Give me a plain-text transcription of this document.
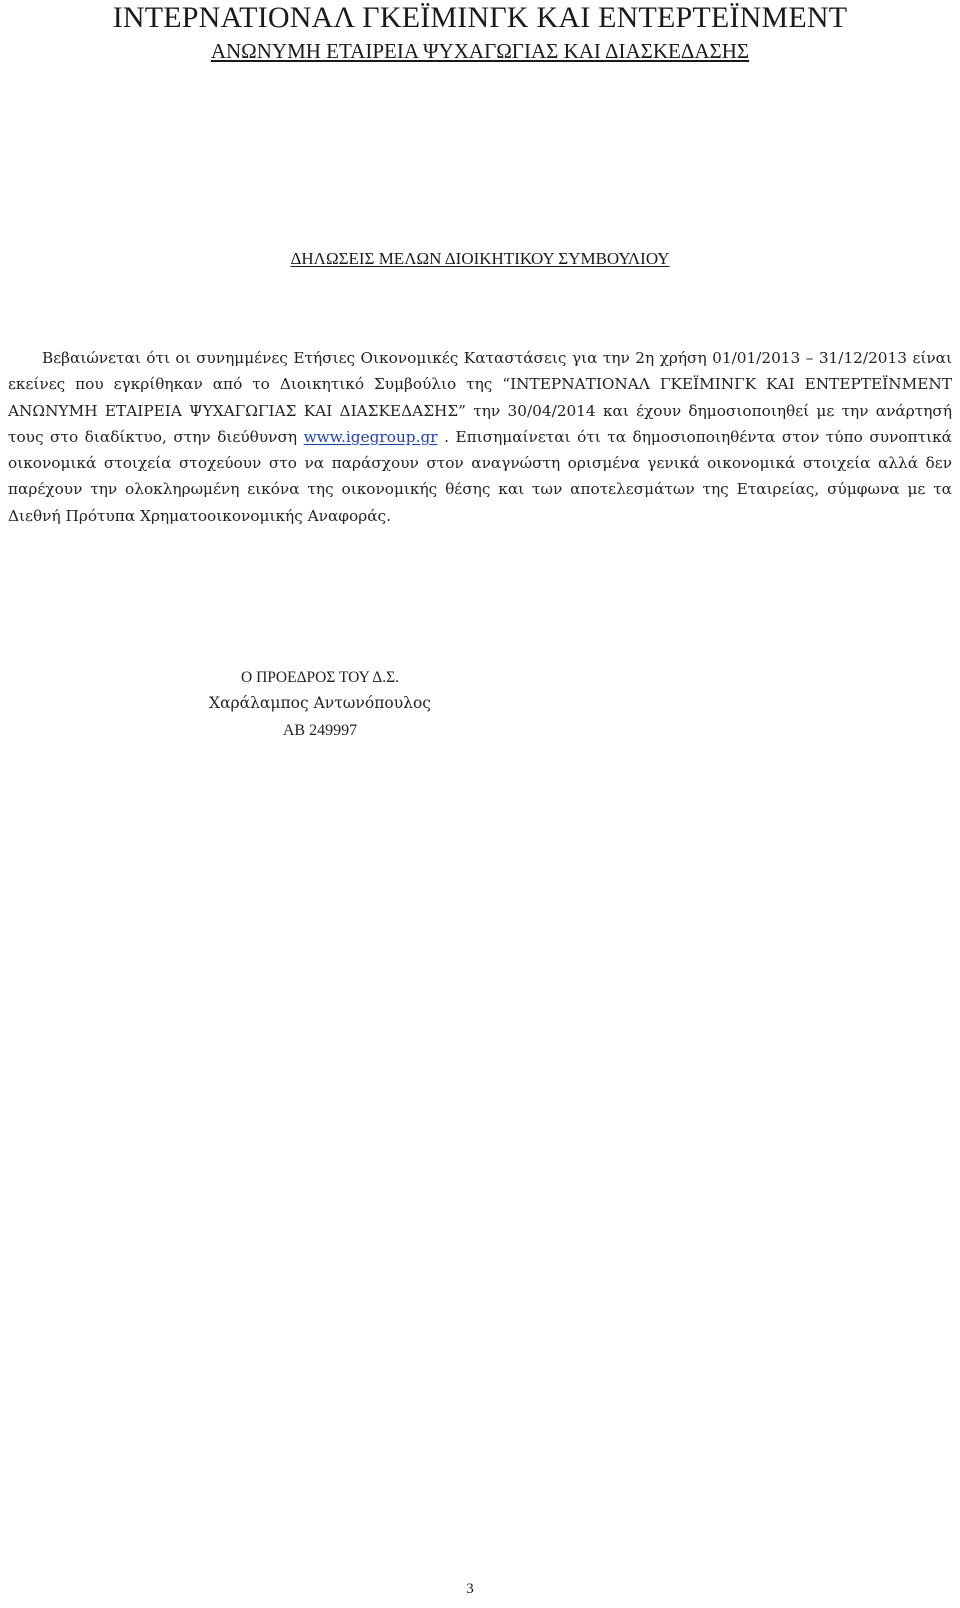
ΙΝΤΕΡΝΑΤΙΟΝΑΛ ΓΚΕΪΜΙΝΓΚ ΚΑΙ ΕΝΤΕΡΤΕΪΝΜΕΝΤ
ΑΝΩΝΥΜΗ ΕΤΑΙΡΕΙΑ ΨΥΧΑΓΩΓΙΑΣ ΚΑΙ ΔΙΑΣΚΕΔΑΣΗΣ
ΔΗΛΩΣΕΙΣ ΜΕΛΩΝ ΔΙΟΙΚΗΤΙΚΟΥ ΣΥΜΒΟΥΛΙΟΥ

Βεβαιώνεται ότι οι συνημμένες Ετήσιες Οικονομικές Καταστάσεις για την 2η χρήση 01/01/2013 – 31/12/2013 είναι εκείνες που εγκρίθηκαν από το Διοικητικό Συμβούλιο της “ΙΝΤΕΡΝΑΤΙΟΝΑΛ ΓΚΕΪΜΙΝΓΚ ΚΑΙ ΕΝΤΕΡΤΕΪΝΜΕΝΤ ΑΝΩΝΥΜΗ ΕΤΑΙΡΕΙΑ ΨΥΧΑΓΩΓΙΑΣ ΚΑΙ ΔΙΑΣΚΕΔΑΣΗΣ” την 30/04/2014 και έχουν δημοσιοποιηθεί με την ανάρτησή τους στο διαδίκτυο, στην διεύθυνση www.igegroup.gr . Επισημαίνεται ότι τα δημοσιοποιηθέντα στον τύπο συνοπτικά οικονομικά στοιχεία στοχεύουν στο να παράσχουν στον αναγνώστη ορισμένα γενικά οικονομικά στοιχεία αλλά δεν παρέχουν την ολοκληρωμένη εικόνα της οικονομικής θέσης και των αποτελεσμάτων της Εταιρείας, σύμφωνα με τα Διεθνή Πρότυπα Χρηματοοικονομικής Αναφοράς.

Ο ΠΡΟΕΔΡΟΣ ΤΟΥ Δ.Σ.
Χαράλαμπος Αντωνόπουλος
ΑΒ 249997
3
